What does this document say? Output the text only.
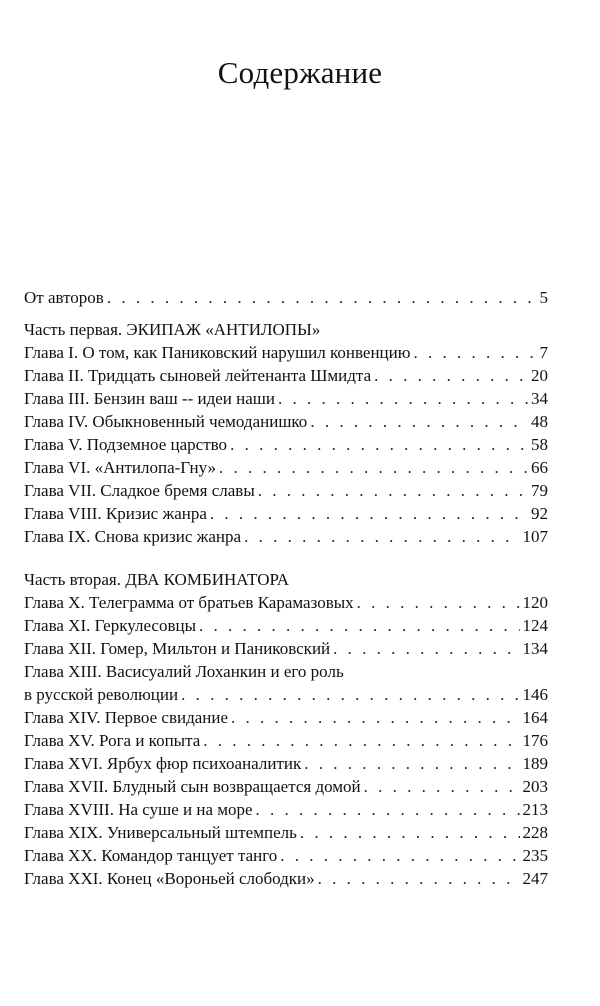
Содержание
От авторов . . .	5
Часть первая. ЭКИПАЖ «АНТИЛОПЫ»
Глава I. О том, как Паниковский нарушил конвенцию . . .	7
Глава II. Тридцать сыновей лейтенанта Шмидта . . .	20
Глава III. Бензин ваш -- идеи наши . . .	34
Глава IV. Обыкновенный чемоданишко . . .	48
Глава V. Подземное царство . . .	58
Глава VI. «Антилопа-Гну» . . .	66
Глава VII. Сладкое бремя славы . . .	79
Глава VIII. Кризис жанра . . .	92
Глава IX. Снова кризис жанра . . .	107
Часть вторая. ДВА КОМБИНАТОРА
Глава X. Телеграмма от братьев Карамазовых . . .	120
Глава XI. Геркулесовцы . . .	124
Глава XII. Гомер, Мильтон и Паниковский . . .	134
Глава XIII. Васисуалий Лоханкин и его роль
в русской революции . . .	146
Глава XIV. Первое свидание . . .	164
Глава XV. Рога и копыта . . .	176
Глава XVI. Ярбух фюр психоаналитик . . .	189
Глава XVII. Блудный сын возвращается домой . . .	203
Глава XVIII. На суше и на море . . .	213
Глава XIX. Универсальный штемпель . . .	228
Глава XX. Командор танцует танго . . .	235
Глава XXI. Конец «Вороньей слободки» . . .	247
